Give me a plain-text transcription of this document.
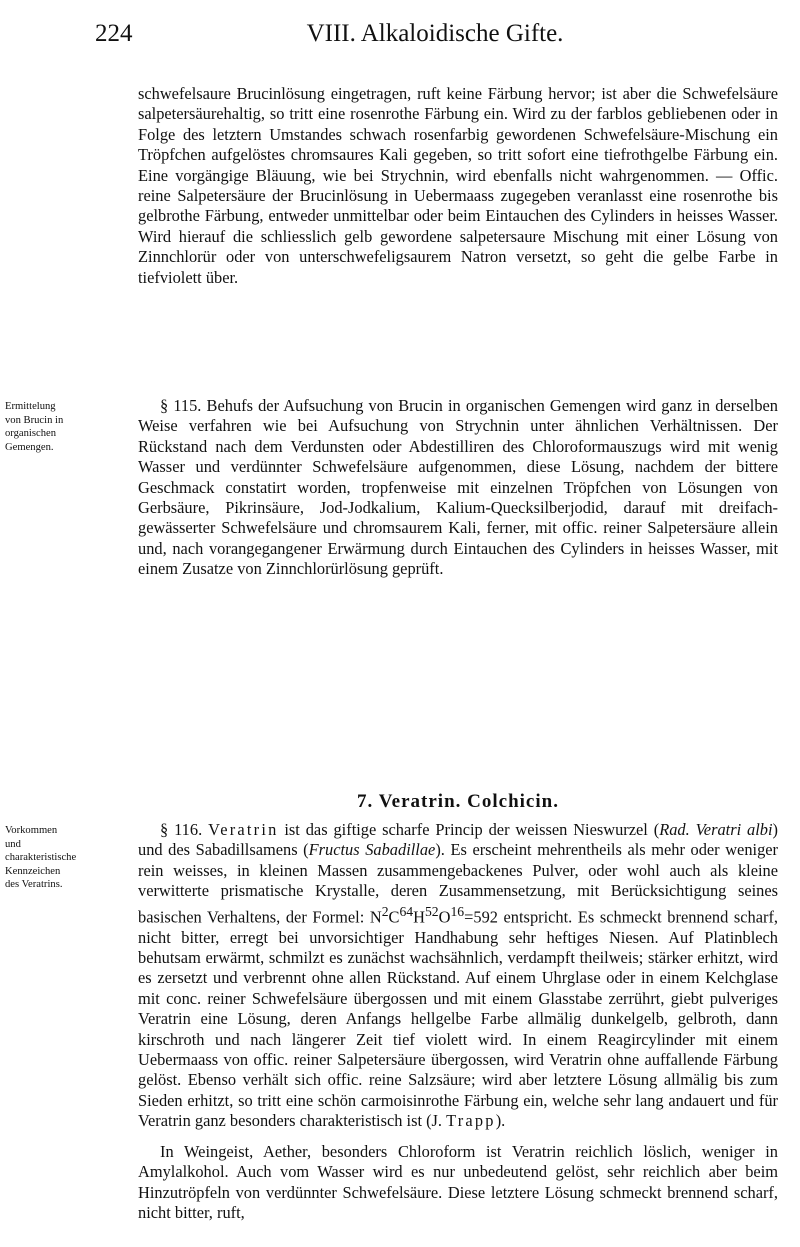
224	VIII. Alkaloidische Gifte.

schwefelsaure Brucinlösung eingetragen, ruft keine Färbung hervor; ist aber die Schwefelsäure salpetersäurehaltig, so tritt eine rosenrothe Färbung ein. Wird zu der farblos gebliebenen oder in Folge des letztern Umstandes schwach rosenfarbig gewordenen Schwefelsäure-Mischung ein Tröpfchen aufgelöstes chromsaures Kali gegeben, so tritt sofort eine tiefrothgelbe Färbung ein. Eine vorgängige Bläuung, wie bei Strychnin, wird ebenfalls nicht wahrgenommen. — Offic. reine Salpetersäure der Brucinlösung in Uebermaass zugegeben veranlasst eine rosenrothe bis gelbrothe Färbung, entweder unmittelbar oder beim Eintauchen des Cylinders in heisses Wasser. Wird hierauf die schliesslich gelb gewordene salpetersaure Mischung mit einer Lösung von Zinnchlorür oder von unterschwefeligsaurem Natron versetzt, so geht die gelbe Farbe in tiefviolett über.

Ermittelung von Brucin in organischen Gemengen.

§ 115. Behufs der Aufsuchung von Brucin in organischen Gemengen wird ganz in derselben Weise verfahren wie bei Aufsuchung von Strychnin unter ähnlichen Verhältnissen. Der Rückstand nach dem Verdunsten oder Abdestilliren des Chloroformauszugs wird mit wenig Wasser und verdünnter Schwefelsäure aufgenommen, diese Lösung, nachdem der bittere Geschmack constatirt worden, tropfenweise mit einzelnen Tröpfchen von Lösungen von Gerbsäure, Pikrinsäure, Jod-Jodkalium, Kalium-Quecksilberjodid, darauf mit dreifach-gewässerter Schwefelsäure und chromsaurem Kali, ferner, mit offic. reiner Salpetersäure allein und, nach vorangegangener Erwärmung durch Eintauchen des Cylinders in heisses Wasser, mit einem Zusatze von Zinnchlorürlösung geprüft.

7. Veratrin. Colchicin.
Vorkommen und charakteristische Kennzeichen des Veratrins.

§ 116. Veratrin ist das giftige scharfe Princip der weissen Nieswurzel (Rad. Veratri albi) und des Sabadillsamens (Fructus Sabadillae). Es erscheint mehrentheils als mehr oder weniger rein weisses, in kleinen Massen zusammengebackenes Pulver, oder wohl auch als kleine verwitterte prismatische Krystalle, deren Zusammensetzung, mit Berücksichtigung seines basischen Verhaltens, der Formel: $N^2C^{64}H^{52}O^{16}=592$ entspricht. Es schmeckt brennend scharf, nicht bitter, erregt bei unvorsichtiger Handhabung sehr heftiges Niesen. Auf Platinblech behutsam erwärmt, schmilzt es zunächst wachsähnlich, verdampft theilweis; stärker erhitzt, wird es zersetzt und verbrennt ohne allen Rückstand. Auf einem Uhrglase oder in einem Kelchglase mit conc. reiner Schwefelsäure übergossen und mit einem Glasstabe zerrührt, giebt pulveriges Veratrin eine Lösung, deren Anfangs hellgelbe Farbe allmälig dunkelgelb, gelbroth, dann kirschroth und nach längerer Zeit tief violett wird. In einem Reagircylinder mit einem Uebermaass von offic. reiner Salpetersäure übergossen, wird Veratrin ohne auffallende Färbung gelöst. Ebenso verhält sich offic. reine Salzsäure; wird aber letztere Lösung allmälig bis zum Sieden erhitzt, so tritt eine schön carmoisinrothe Färbung ein, welche sehr lang andauert und für Veratrin ganz besonders charakteristisch ist (J. Trapp).

In Weingeist, Aether, besonders Chloroform ist Veratrin reichlich löslich, weniger in Amylalkohol. Auch vom Wasser wird es nur unbedeutend gelöst, sehr reichlich aber beim Hinzutröpfeln von verdünnter Schwefelsäure. Diese letztere Lösung schmeckt brennend scharf, nicht bitter, ruft,
